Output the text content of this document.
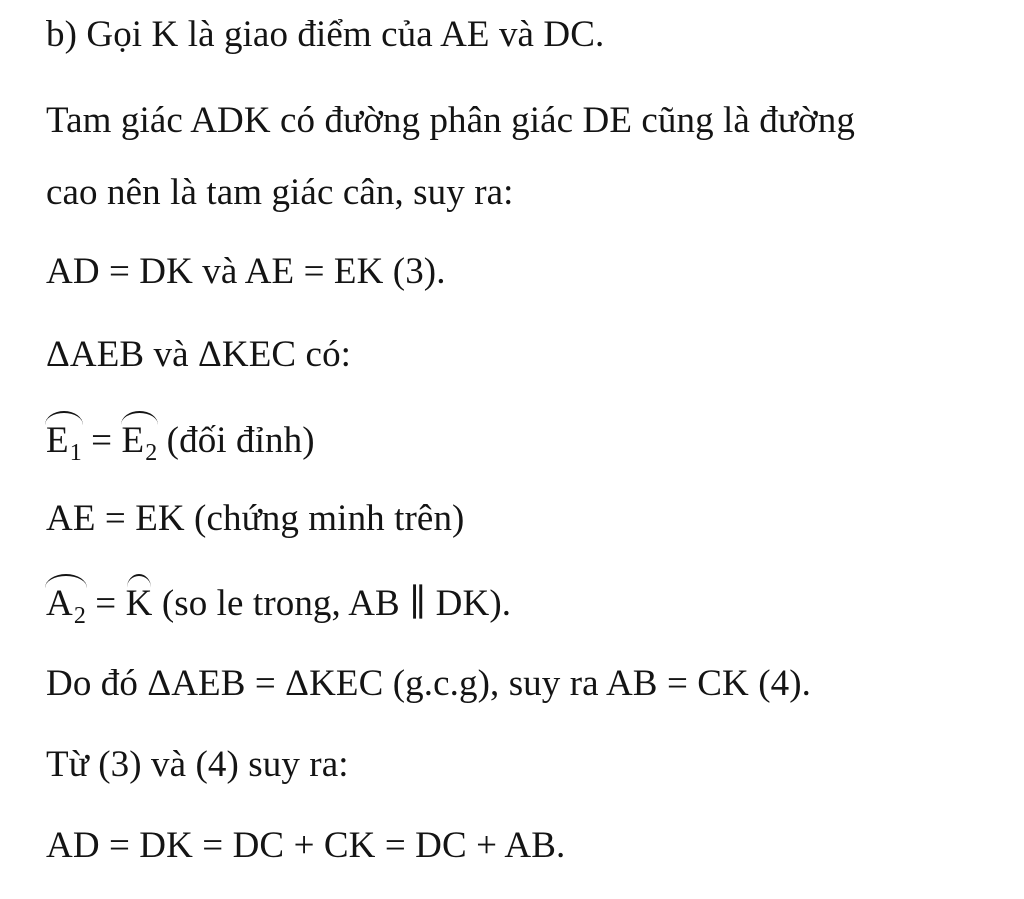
b) Gọi K là giao điểm của AE và DC.
Tam giác ADK có đường phân giác DE cũng là đường
cao nên là tam giác cân, suy ra:
AD = DK và AE = EK (3).
ΔAEB và ΔKEC có:
$E_1 = E_2$ (đối đỉnh)
AE = EK (chứng minh trên)
$A_2 = K$ (so le trong, AB ∥ DK).
Do đó ΔAEB = ΔKEC (g.c.g), suy ra AB = CK (4).
Từ (3) và (4) suy ra:
AD = DK = DC + CK = DC + AB.
